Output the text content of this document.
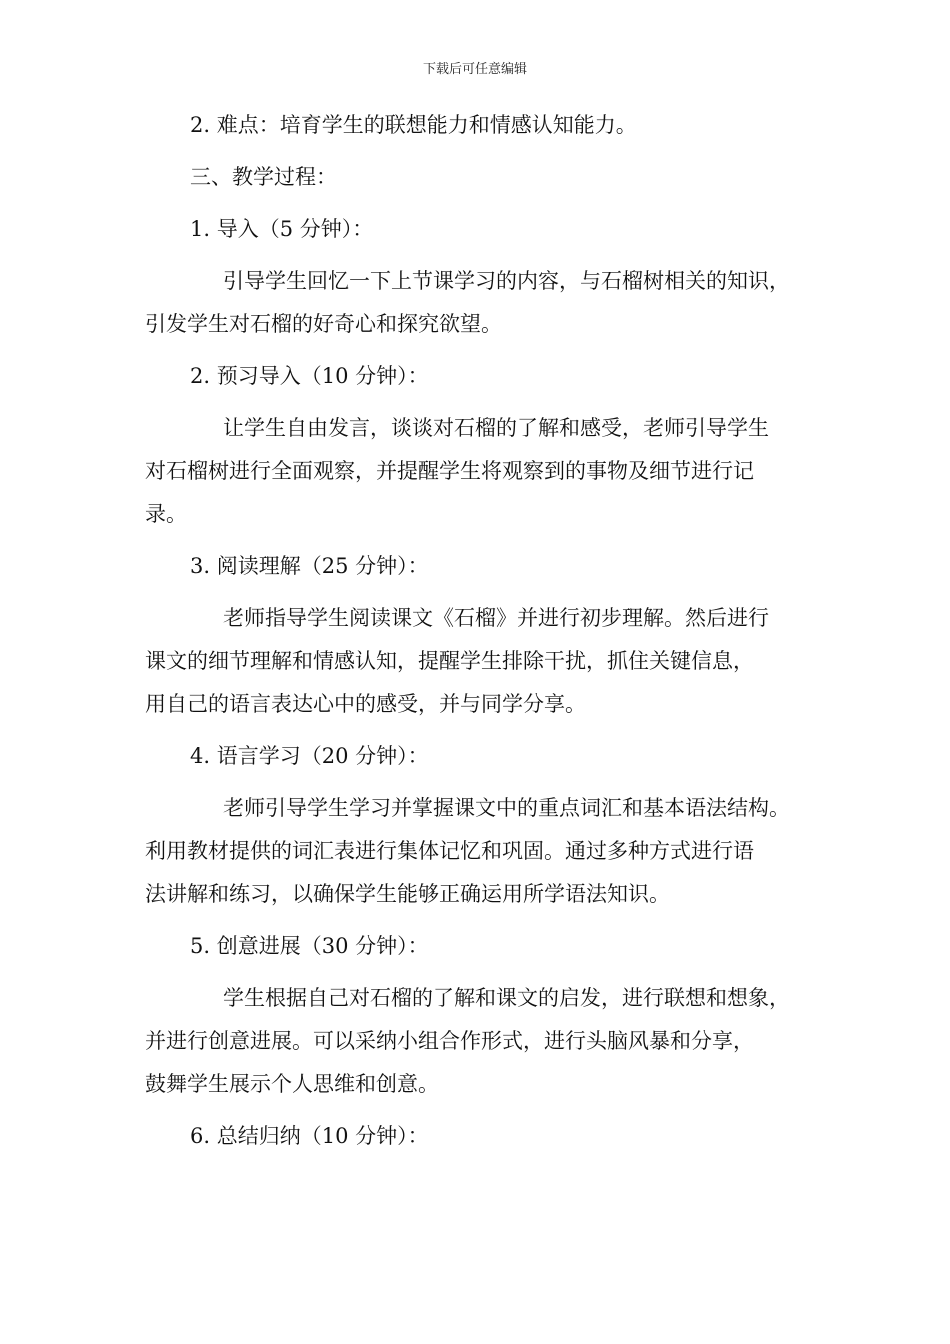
下载后可任意编辑
2. 难点：培育学生的联想能力和情感认知能力。
三、教学过程：
1. 导入（5 分钟）：
引导学生回忆一下上节课学习的内容，与石榴树相关的知识，
引发学生对石榴的好奇心和探究欲望。
2. 预习导入（10 分钟）：
让学生自由发言，谈谈对石榴的了解和感受，老师引导学生
对石榴树进行全面观察，并提醒学生将观察到的事物及细节进行记
录。
3. 阅读理解（25 分钟）：
老师指导学生阅读课文《石榴》并进行初步理解。然后进行
课文的细节理解和情感认知，提醒学生排除干扰，抓住关键信息，
用自己的语言表达心中的感受，并与同学分享。
4. 语言学习（20 分钟）：
老师引导学生学习并掌握课文中的重点词汇和基本语法结构。
利用教材提供的词汇表进行集体记忆和巩固。通过多种方式进行语
法讲解和练习，以确保学生能够正确运用所学语法知识。
5. 创意进展（30 分钟）：
学生根据自己对石榴的了解和课文的启发，进行联想和想象，
并进行创意进展。可以采纳小组合作形式，进行头脑风暴和分享，
鼓舞学生展示个人思维和创意。
6. 总结归纳（10 分钟）：
